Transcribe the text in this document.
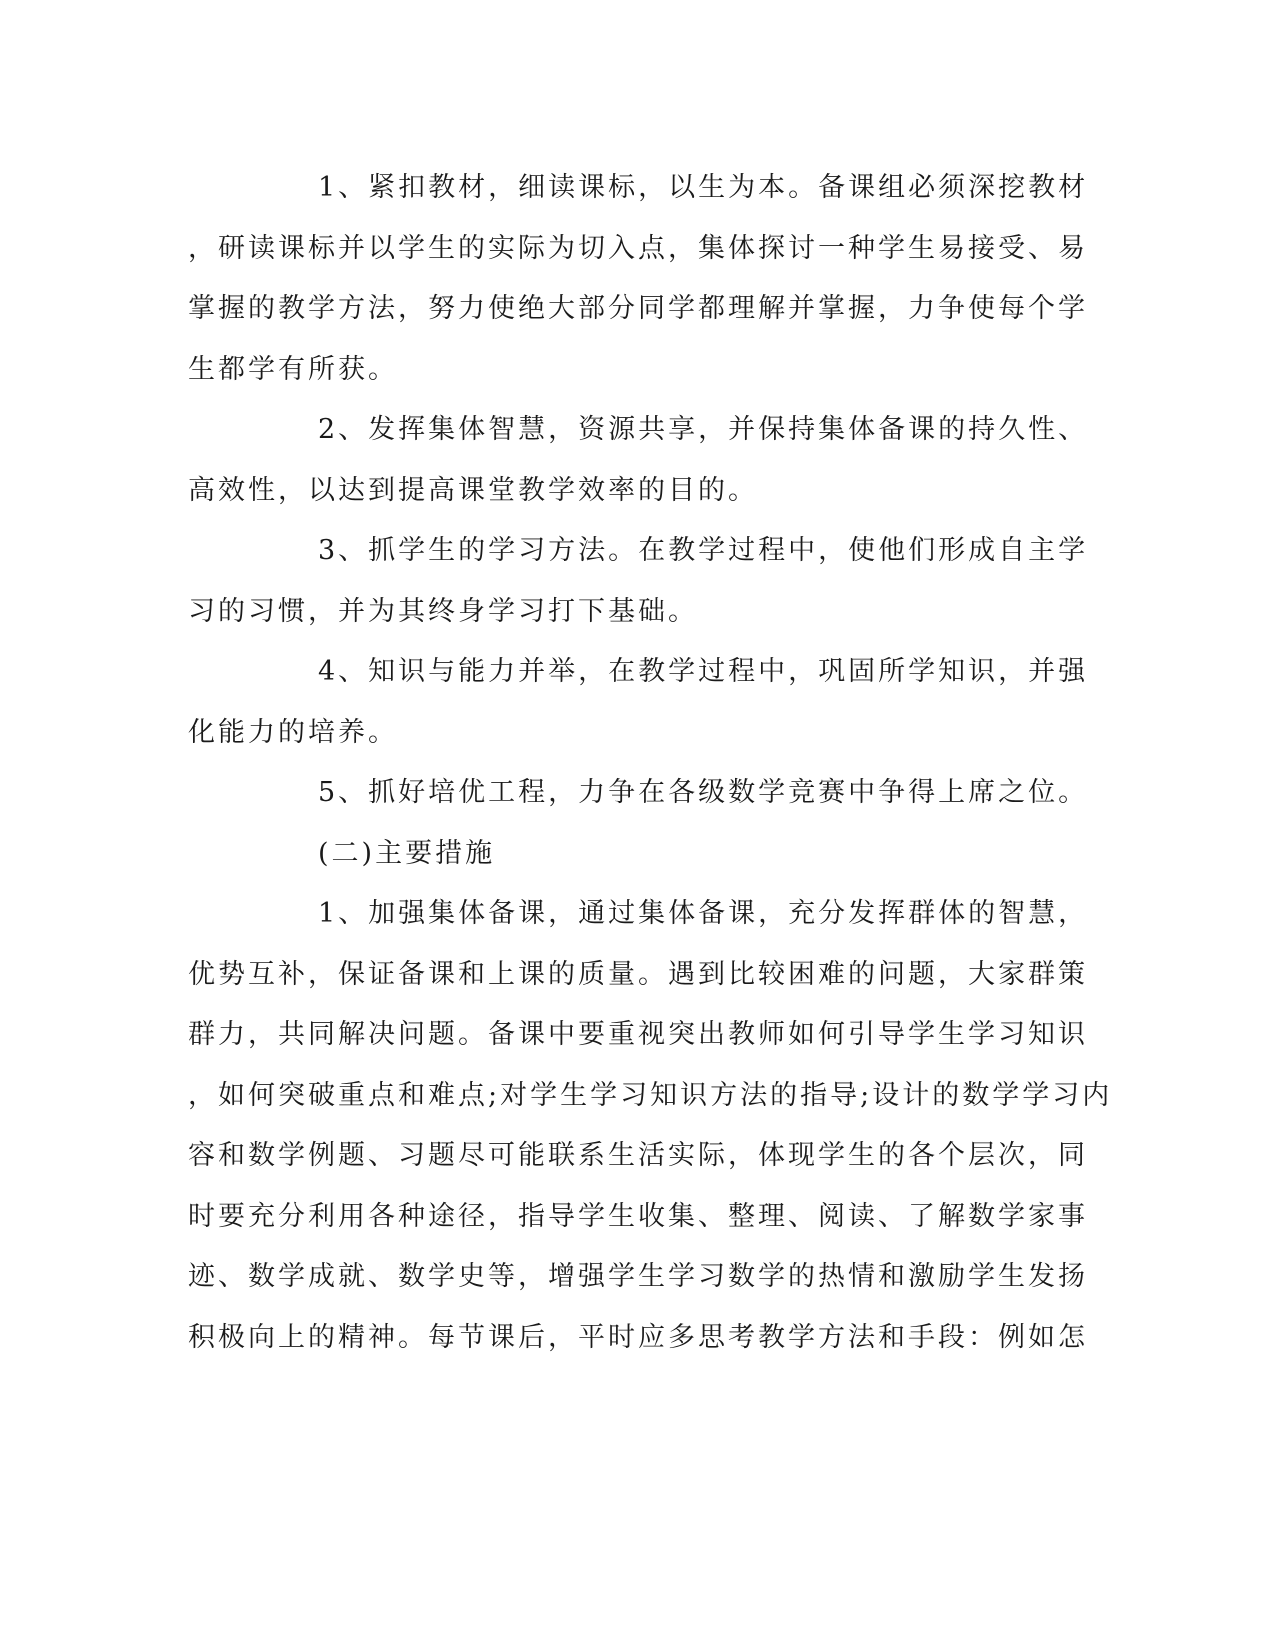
1、紧扣教材，细读课标，以生为本。备课组必须深挖教材
，研读课标并以学生的实际为切入点，集体探讨一种学生易接受、易
掌握的教学方法，努力使绝大部分同学都理解并掌握，力争使每个学
生都学有所获。
2、发挥集体智慧，资源共享，并保持集体备课的持久性、
高效性，以达到提高课堂教学效率的目的。
3、抓学生的学习方法。在教学过程中，使他们形成自主学
习的习惯，并为其终身学习打下基础。
4、知识与能力并举，在教学过程中，巩固所学知识，并强
化能力的培养。
5、抓好培优工程，力争在各级数学竞赛中争得上席之位。
(二)主要措施
1、加强集体备课，通过集体备课，充分发挥群体的智慧，
优势互补，保证备课和上课的质量。遇到比较困难的问题，大家群策
群力，共同解决问题。备课中要重视突出教师如何引导学生学习知识
，如何突破重点和难点;对学生学习知识方法的指导;设计的数学学习内
容和数学例题、习题尽可能联系生活实际，体现学生的各个层次，同
时要充分利用各种途径，指导学生收集、整理、阅读、了解数学家事
迹、数学成就、数学史等，增强学生学习数学的热情和激励学生发扬
积极向上的精神。每节课后，平时应多思考教学方法和手段：例如怎
